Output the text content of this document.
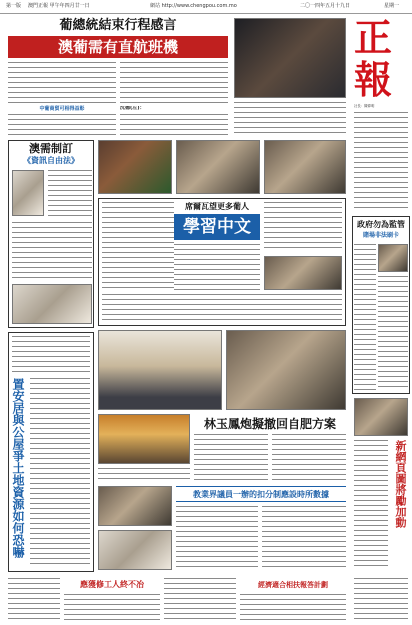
第一版 澳門正報 甲午年四月廿一日	網站 http://www.chengpou.com.mo	二〇一四年五月十九日	星期一
葡總統結束行程感言
澳葡需有直航班機
中葡商貿可相得益彰	沈德(左)：
澳需制訂
《資訊自由法》
席爾瓦望更多葡人
學習中文
置安居與公屋爭土地資源如何恐嚇	林玉鳳炮擬撤回自肥方案
教業界議員一辦的扣分制應設時所數據
應獲修工人終不冶	經濟適合相扶報答計劃
正
報
社長：陳偉明
政府勿為監管
賭場非法刷卡
新網頁圖將勵加動
